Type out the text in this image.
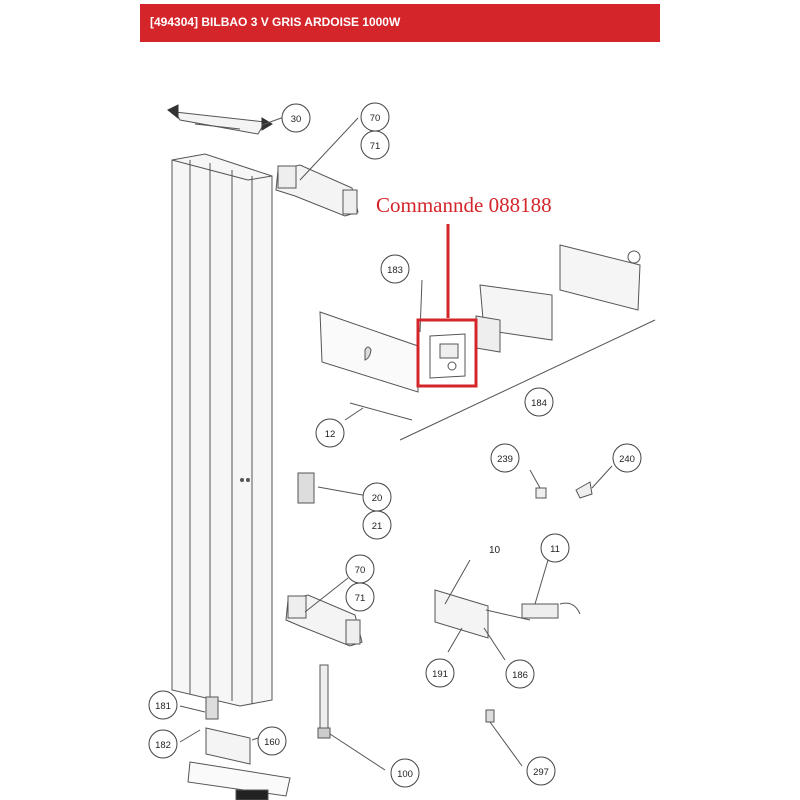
[494304] BILBAO 3 V GRIS ARDOISE 1000W
Commannde 088188
30	70
71
183
184
12
239	240
20
21
11
70
71
191	186
181
182	160
100	297
10
